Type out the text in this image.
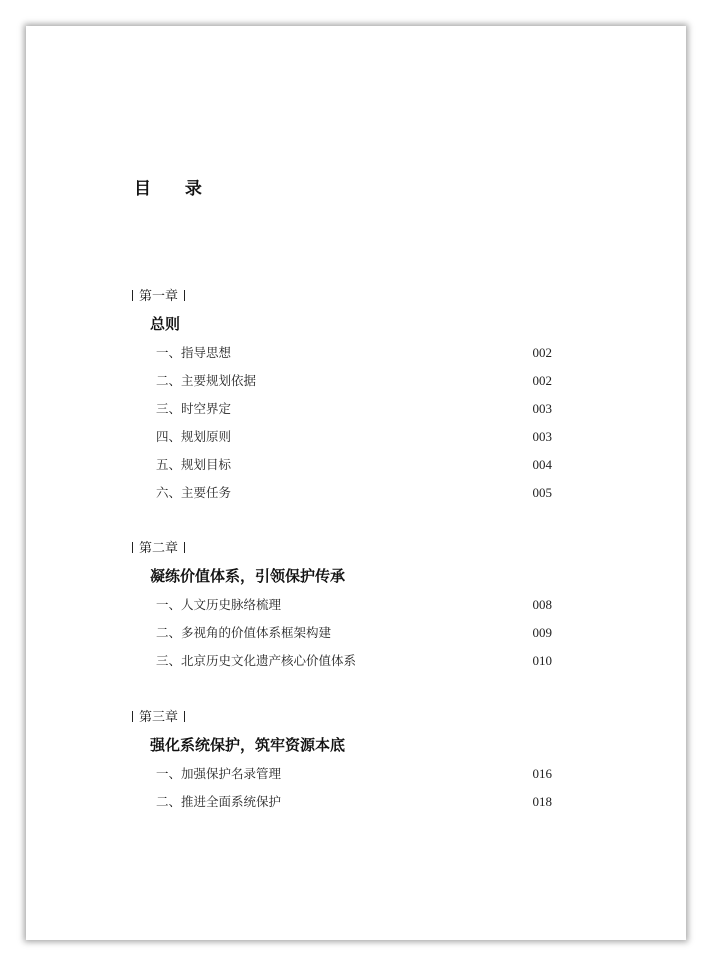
目 录
第一章
总则
一、指导思想	002
二、主要规划依据	002
三、时空界定	003
四、规划原则	003
五、规划目标	004
六、主要任务	005
第二章
凝练价值体系，引领保护传承
一、人文历史脉络梳理	008
二、多视角的价值体系框架构建	009
三、北京历史文化遗产核心价值体系	010
第三章
强化系统保护，筑牢资源本底
一、加强保护名录管理	016
二、推进全面系统保护	018
